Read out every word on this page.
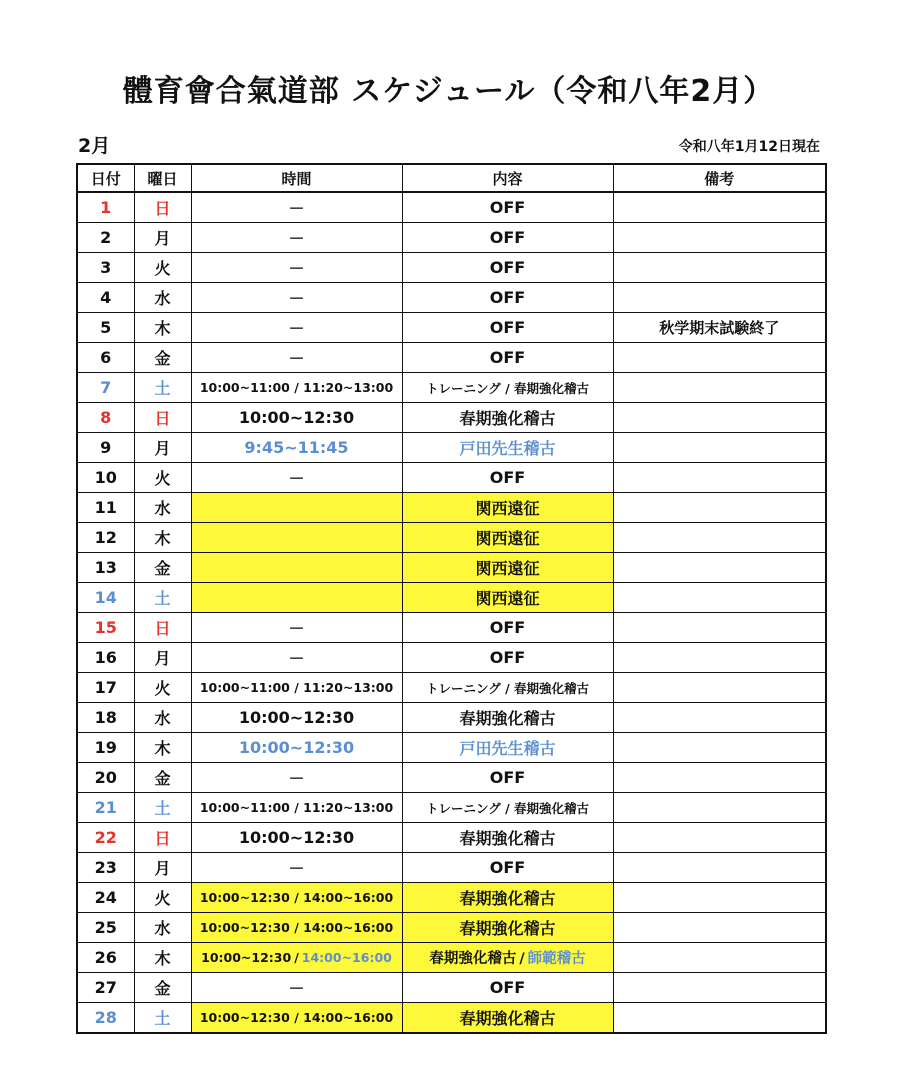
體育會合氣道部 スケジュール（令和八年2月）
2月	令和八年1月12日現在
日付	曜日	時間	内容	備考
1	日	－	OFF	
2	月	－	OFF	
3	火	－	OFF	
4	水	－	OFF	
5	木	－	OFF	秋学期末試験終了
6	金	－	OFF	
7	土	10:00~11:00 / 11:20~13:00	トレーニング / 春期強化稽古	
8	日	10:00~12:30	春期強化稽古	
9	月	9:45~11:45	戸田先生稽古	
10	火	－	OFF	
11	水		関西遠征	
12	木		関西遠征	
13	金		関西遠征	
14	土		関西遠征	
15	日	－	OFF	
16	月	－	OFF	
17	火	10:00~11:00 / 11:20~13:00	トレーニング / 春期強化稽古	
18	水	10:00~12:30	春期強化稽古	
19	木	10:00~12:30	戸田先生稽古	
20	金	－	OFF	
21	土	10:00~11:00 / 11:20~13:00	トレーニング / 春期強化稽古	
22	日	10:00~12:30	春期強化稽古	
23	月	－	OFF	
24	火	10:00~12:30 / 14:00~16:00	春期強化稽古	
25	水	10:00~12:30 / 14:00~16:00	春期強化稽古	
26	木	10:00~12:30 / 14:00~16:00	春期強化稽古 / 師範稽古	
27	金	－	OFF	
28	土	10:00~12:30 / 14:00~16:00	春期強化稽古	
